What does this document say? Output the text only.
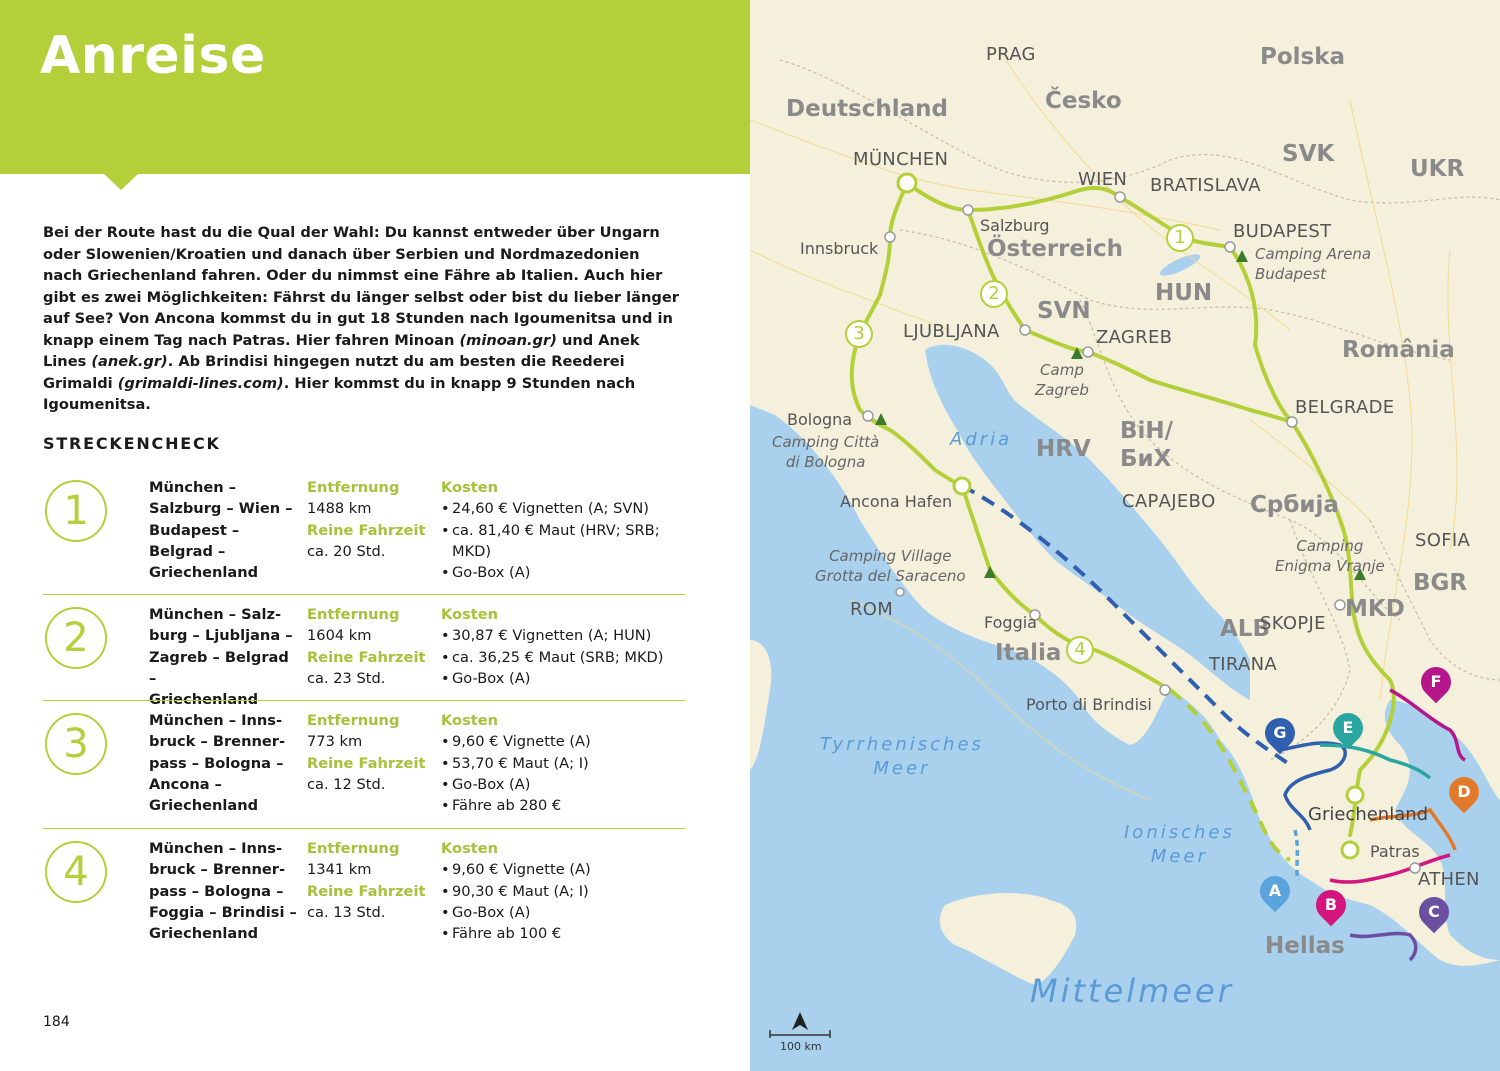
Anreise
Bei der Route hast du die Qual der Wahl: Du kannst entweder über Ungarn oder Slowenien/Kroatien und danach über Serbien und Nordmazedonien nach Griechenland fahren. Oder du nimmst eine Fähre ab Italien. Auch hier gibt es zwei Möglichkeiten: Fährst du länger selbst oder bist du lieber länger auf See? Von Ancona kommst du in gut 18 Stunden nach Igoumenitsa und in knapp einem Tag nach Patras. Hier fahren Minoan (minoan.gr) und Anek Lines (anek.gr). Ab Brindisi hingegen nutzt du am besten die Reederei Grimaldi (grimaldi-lines.com). Hier kommst du in knapp 9 Stunden nach Igoumenitsa.
STRECKENCHECK
1
München –
Salzburg – Wien –
Budapest –
Belgrad –
Griechenland
Entfernung
1488 km
Reine Fahrzeit
ca. 20 Std.
Kosten
• 24,60 € Vignetten (A; SVN)
• ca. 81,40 € Maut (HRV; SRB;
MKD)
• Go-Box (A)
2
München – Salz-
burg – Ljubljana –
Zagreb – Belgrad –
Griechenland
Entfernung
1604 km
Reine Fahrzeit
ca. 23 Std.
Kosten
• 30,87 € Vignetten (A; HUN)
• ca. 36,25 € Maut (SRB; MKD)
• Go-Box (A)
3
München – Inns-
bruck – Brenner-
pass – Bologna –
Ancona –
Griechenland
Entfernung
773 km
Reine Fahrzeit
ca. 12 Std.
Kosten
• 9,60 € Vignette (A)
• 53,70 € Maut (A; I)
• Go-Box (A)
• Fähre ab 280 €
4
München – Inns-
bruck – Brenner-
pass – Bologna –
Foggia – Brindisi –
Griechenland
Entfernung
1341 km
Reine Fahrzeit
ca. 13 Std.
Kosten
• 9,60 € Vignette (A)
• 90,30 € Maut (A; I)
• Go-Box (A)
• Fähre ab 100 €
184
Deutschland	Česko
Polska
SVK
UKR
Österreich
HUN
SVN
România
HRV
BiH/
БиХ
Србија
BGR
MKD
ALB
Italia
Hellas
Griechenland
PRAG
MÜNCHEN
WIEN BRATISLAVA
BUDAPEST
LJUBLJANA	ZAGREB
BELGRADE
САРАЈЕВО
SOFIA
SKOPJE
TIRANA
ROM
ATHEN
Salzburg
Innsbruck
Bologna
Ancona Hafen
Foggia
Porto di Brindisi
Patras
Camping Arena
Budapest
Camp
Zagreb
Camping Città
di Bologna
Camping Village
Grotta del Saraceno
Camping
Enigma Vranje
Adria
Tyrrhenisches
Meer
Ionisches
Meer
Mittelmeer
1
2
3
4
F
E
G
D
A
B	C
100 km
